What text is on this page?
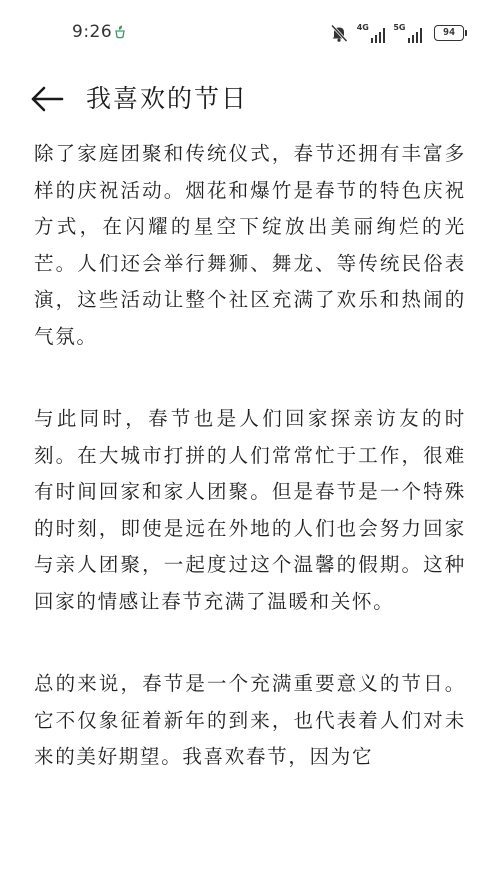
9:26	4G	5G	94
我喜欢的节日

除了家庭团聚和传统仪式，春节还拥有丰富多样的庆祝活动。烟花和爆竹是春节的特色庆祝方式，在闪耀的星空下绽放出美丽绚烂的光芒。人们还会举行舞狮、舞龙、等传统民俗表演，这些活动让整个社区充满了欢乐和热闹的气氛。

与此同时，春节也是人们回家探亲访友的时刻。在大城市打拼的人们常常忙于工作，很难有时间回家和家人团聚。但是春节是一个特殊的时刻，即使是远在外地的人们也会努力回家与亲人团聚，一起度过这个温馨的假期。这种回家的情感让春节充满了温暖和关怀。

总的来说，春节是一个充满重要意义的节日。它不仅象征着新年的到来，也代表着人们对未来的美好期望。我喜欢春节，因为它
